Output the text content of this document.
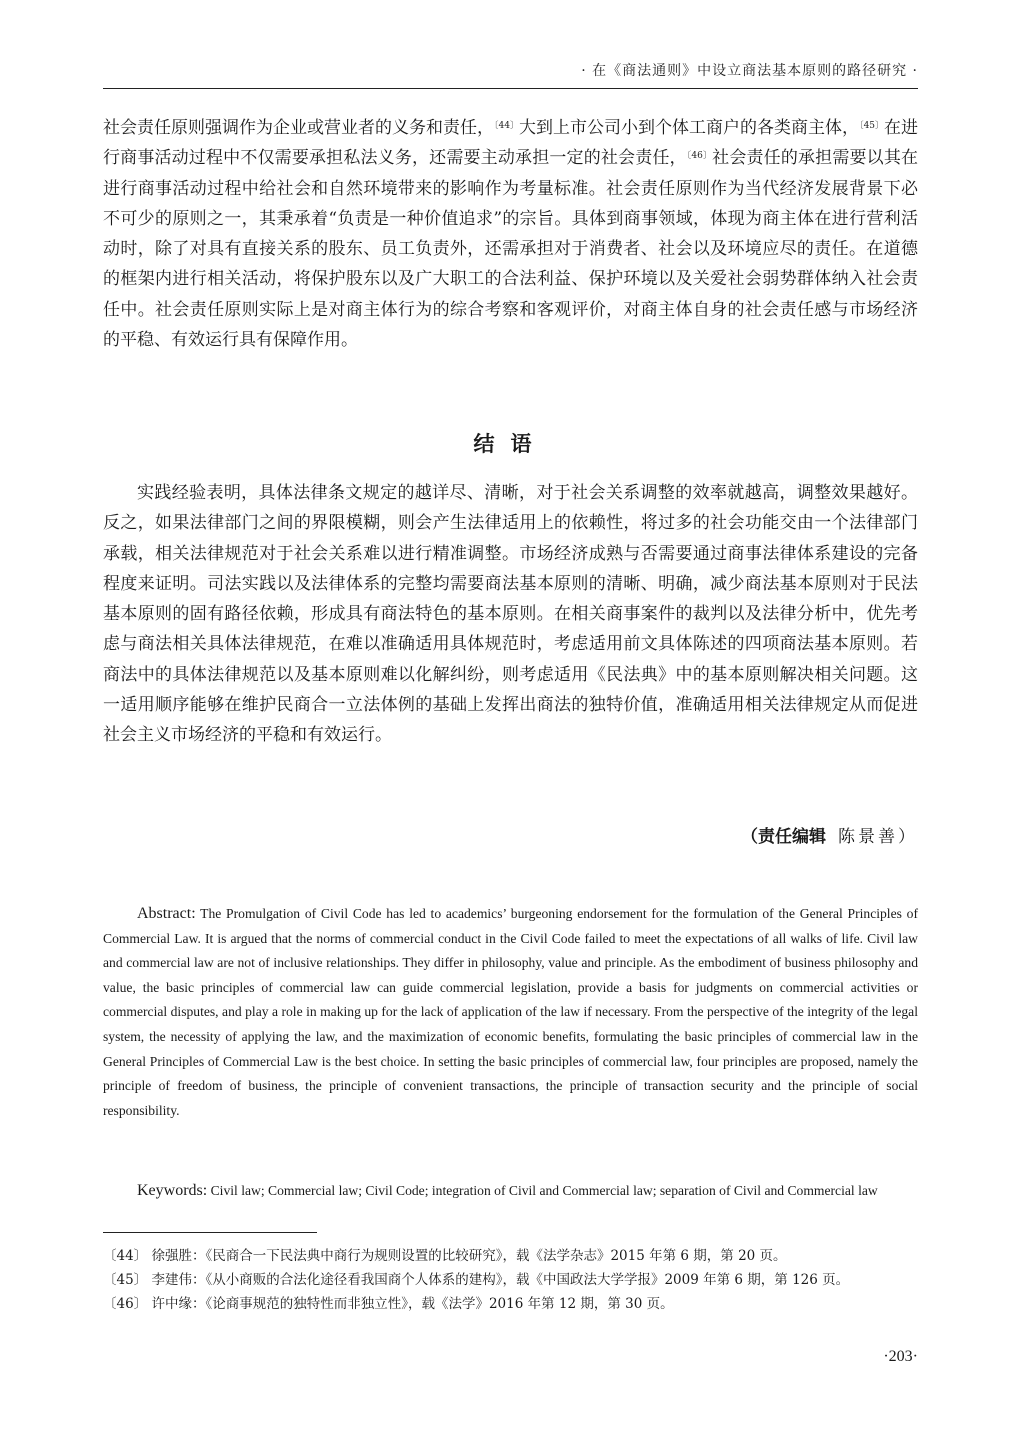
· 在《商法通则》中设立商法基本原则的路径研究 ·

社会责任原则强调作为企业或营业者的义务和责任，$^{〔44〕}$大到上市公司小到个体工商户的各类商主体，$^{〔45〕}$在进行商事活动过程中不仅需要承担私法义务，还需要主动承担一定的社会责任，$^{〔46〕}$社会责任的承担需要以其在进行商事活动过程中给社会和自然环境带来的影响作为考量标准。社会责任原则作为当代经济发展背景下必不可少的原则之一，其秉承着“负责是一种价值追求”的宗旨。具体到商事领域，体现为商主体在进行营利活动时，除了对具有直接关系的股东、员工负责外，还需承担对于消费者、社会以及环境应尽的责任。在道德的框架内进行相关活动，将保护股东以及广大职工的合法利益、保护环境以及关爱社会弱势群体纳入社会责任中。社会责任原则实际上是对商主体行为的综合考察和客观评价，对商主体自身的社会责任感与市场经济的平稳、有效运行具有保障作用。

结语

实践经验表明，具体法律条文规定的越详尽、清晰，对于社会关系调整的效率就越高，调整效果越好。反之，如果法律部门之间的界限模糊，则会产生法律适用上的依赖性，将过多的社会功能交由一个法律部门承载，相关法律规范对于社会关系难以进行精准调整。市场经济成熟与否需要通过商事法律体系建设的完备程度来证明。司法实践以及法律体系的完整均需要商法基本原则的清晰、明确，减少商法基本原则对于民法基本原则的固有路径依赖，形成具有商法特色的基本原则。在相关商事案件的裁判以及法律分析中，优先考虑与商法相关具体法律规范，在难以准确适用具体规范时，考虑适用前文具体陈述的四项商法基本原则。若商法中的具体法律规范以及基本原则难以化解纠纷，则考虑适用《民法典》中的基本原则解决相关问题。这一适用顺序能够在维护民商合一立法体例的基础上发挥出商法的独特价值，准确适用相关法律规定从而促进社会主义市场经济的平稳和有效运行。

（责任编辑 陈景善）

Abstract: The Promulgation of Civil Code has led to academics’ burgeoning endorsement for the formulation of the General Principles of Commercial Law. It is argued that the norms of commercial conduct in the Civil Code failed to meet the expectations of all walks of life. Civil law and commercial law are not of inclusive relationships. They differ in philosophy, value and principle. As the embodiment of business philosophy and value, the basic principles of commercial law can guide commercial legislation, provide a basis for judgments on commercial activities or commercial disputes, and play a role in making up for the lack of application of the law if necessary. From the perspective of the integrity of the legal system, the necessity of applying the law, and the maximization of economic benefits, formulating the basic principles of commercial law in the General Principles of Commercial Law is the best choice. In setting the basic principles of commercial law, four principles are proposed, namely the principle of freedom of business, the principle of convenient transactions, the principle of transaction security and the principle of social responsibility.

Keywords: Civil law; Commercial law; Civil Code; integration of Civil and Commercial law; separation of Civil and Commercial law

〔44〕 徐强胜：《民商合一下民法典中商行为规则设置的比较研究》，载《法学杂志》2015 年第 6 期，第 20 页。
〔45〕 李建伟：《从小商贩的合法化途径看我国商个人体系的建构》，载《中国政法大学学报》2009 年第 6 期，第 126 页。
〔46〕 许中缘：《论商事规范的独特性而非独立性》，载《法学》2016 年第 12 期，第 30 页。
·203·
